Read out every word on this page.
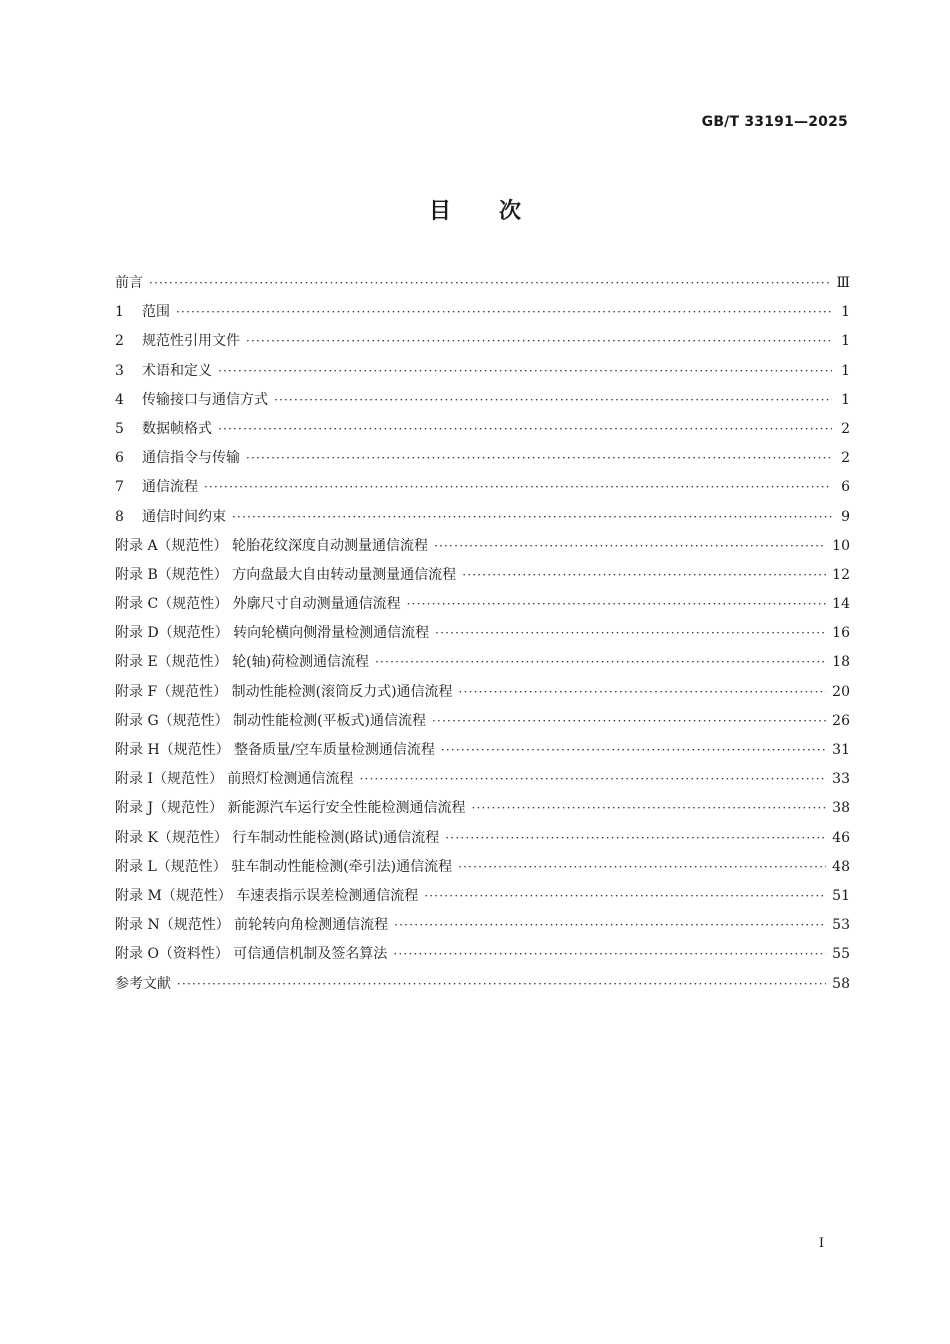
GB/T 33191—2025
目次
前言 ·····	Ⅲ
1 范围 ·····	1
2 规范性引用文件 ·····	1
3 术语和定义 ·····	1
4 传输接口与通信方式 ·····	1
5 数据帧格式 ·····	2
6 通信指令与传输 ·····	2
7 通信流程 ·····	6
8 通信时间约束 ·····	9
附录 A（规范性） 轮胎花纹深度自动测量通信流程 ·····	10
附录 B（规范性） 方向盘最大自由转动量测量通信流程 ·····	12
附录 C（规范性） 外廓尺寸自动测量通信流程 ·····	14
附录 D（规范性） 转向轮横向侧滑量检测通信流程 ·····	16
附录 E（规范性） 轮(轴)荷检测通信流程 ·····	18
附录 F（规范性） 制动性能检测(滚筒反力式)通信流程 ·····	20
附录 G（规范性） 制动性能检测(平板式)通信流程 ·····	26
附录 H（规范性） 整备质量/空车质量检测通信流程 ·····	31
附录 I（规范性） 前照灯检测通信流程 ·····	33
附录 J（规范性） 新能源汽车运行安全性能检测通信流程 ·····	38
附录 K（规范性） 行车制动性能检测(路试)通信流程 ·····	46
附录 L（规范性） 驻车制动性能检测(牵引法)通信流程 ·····	48
附录 M（规范性） 车速表指示误差检测通信流程 ·····	51
附录 N（规范性） 前轮转向角检测通信流程 ·····	53
附录 O（资料性） 可信通信机制及签名算法 ·····	55
参考文献 ·····	58
I
